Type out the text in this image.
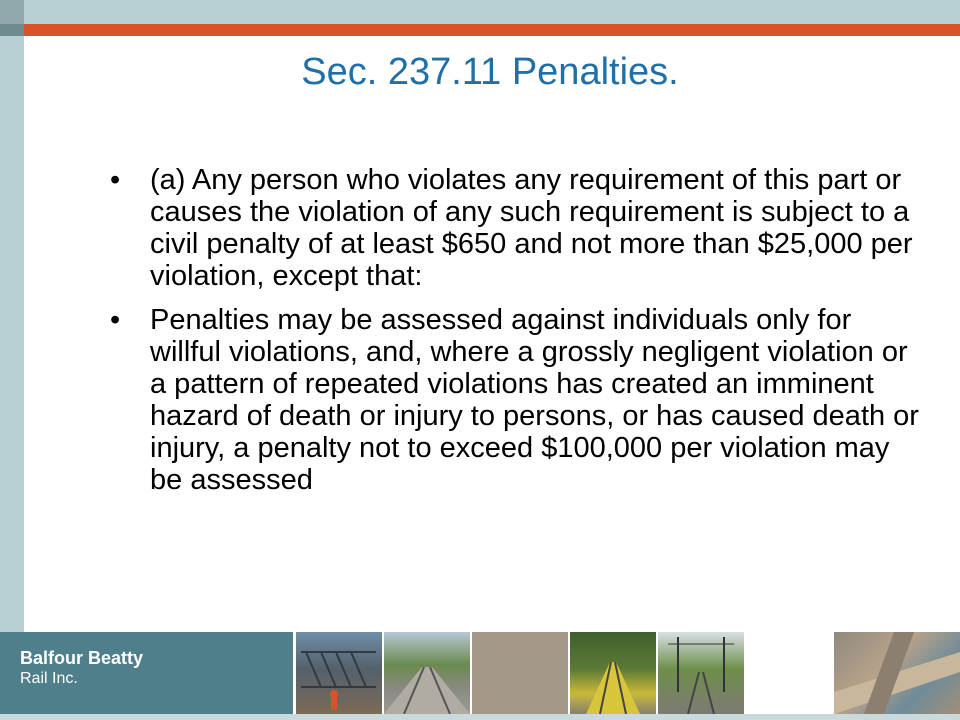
Sec. 237.11 Penalties.
• (a) Any person who violates any requirement of this part or causes the violation of any such requirement is subject to a civil penalty of at least $650 and not more than $25,000 per violation, except that:
• Penalties may be assessed against individuals only for willful violations, and, where a grossly negligent violation or a pattern of repeated violations has created an imminent hazard of death or injury to persons, or has caused death or injury, a penalty not to exceed $100,000 per violation may be assessed
Balfour Beatty
Rail Inc.
